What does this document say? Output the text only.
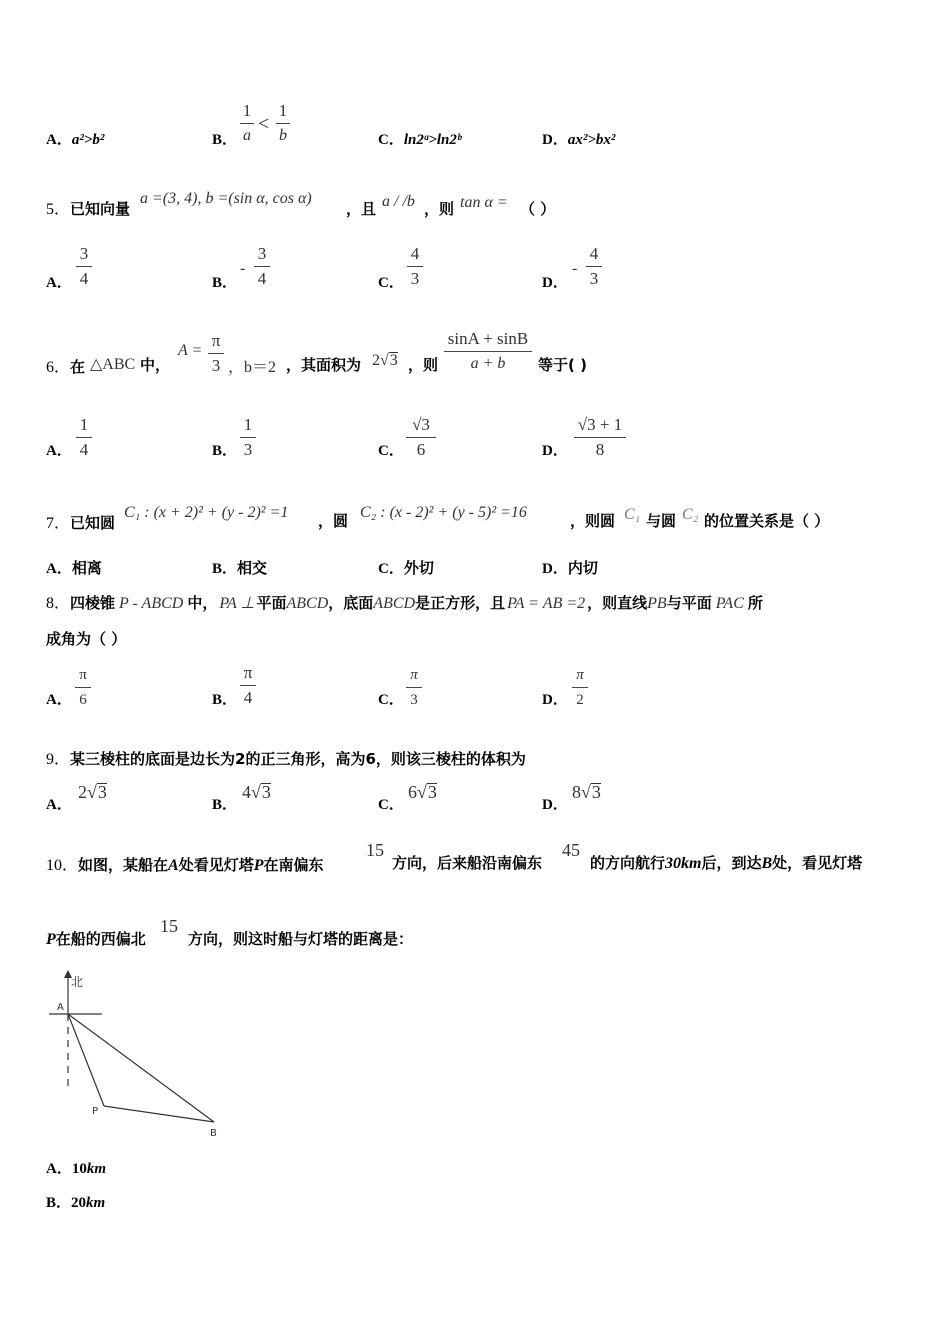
A．a²>b²	B．
1
a
<
1
b	C．ln2ᵃ>ln2ᵇ	D．ax²>bx²
5．已知向量
a =(3, 4), b =(sin α, cos α)
，且 a / /b ，则 tan α = （ ）
A．
3
4	B．
-
3
4	C．
4
3	D．
-
4
3
6．在 △ABC 中，
A =
π
3 ，b＝2 ，其面积为 2√3 ，则
sinA + sinB
a + b	等于( )
A．
1
4	B．
1
3	C．
√3
6	D．
√3 + 1
8
7．已知圆
C₁ : (x + 2)² + (y - 2)² =1 ，圆 C₂ : (x - 2)² + (y - 5)² =16	，则圆 C₁ 与圆 C₂ 的位置关系是（ ）
A．相离	B．相交	C．外切	D．内切
8．四棱锥 P - ABCD 中， PA ⊥ 平面ABCD，底面ABCD是正方形，且 PA = AB =2 ，则直线PB与平面 PAC 所
成角为（ ）
A．
π
6	B．
π
4	C．
π
3	D．
π
2
9．某三棱柱的底面是边长为2的正三角形，高为6，则该三棱柱的体积为
A．
2√3
B．
4√3
C．
6√3
D．
8√3
10．如图，某船在A处看见灯塔P在南偏东
15
方向，后来船沿南偏东
45
的方向航行30km后，到达B处，看见灯塔
P在船的西偏北
15
方向，则这时船与灯塔的距离是：
北
A
P
B
A．10km
B．20km
